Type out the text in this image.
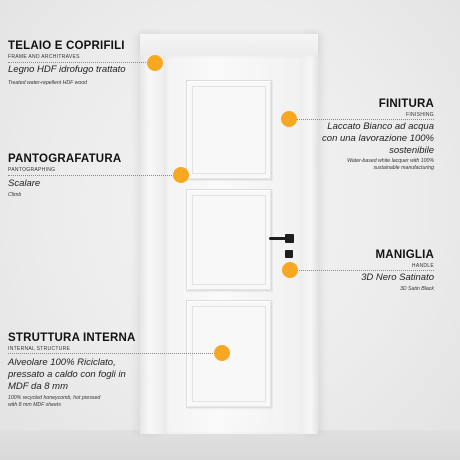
TELAIO E COPRIFILI
FRAME AND ARCHITRAVES
Legno HDF idrofugo trattato
Treated water-repellent HDF wood
FINITURA
FINISHING
Laccato Bianco ad acqua
con una lavorazione 100%
sostenibile
Water-based white lacquer with 100%
sustainable manufacturing
PANTOGRAFATURA
PANTOGRAPHING
Scalare
Climb
MANIGLIA
HANDLE
3D Nero Satinato
3D Satin Black
STRUTTURA INTERNA
INTERNAL STRUCTURE
Alveolare 100% Riciclato,
pressato a caldo con fogli in
MDF da 8 mm
100% recycled honeycomb, hot pressed
with 8 mm MDF sheets
